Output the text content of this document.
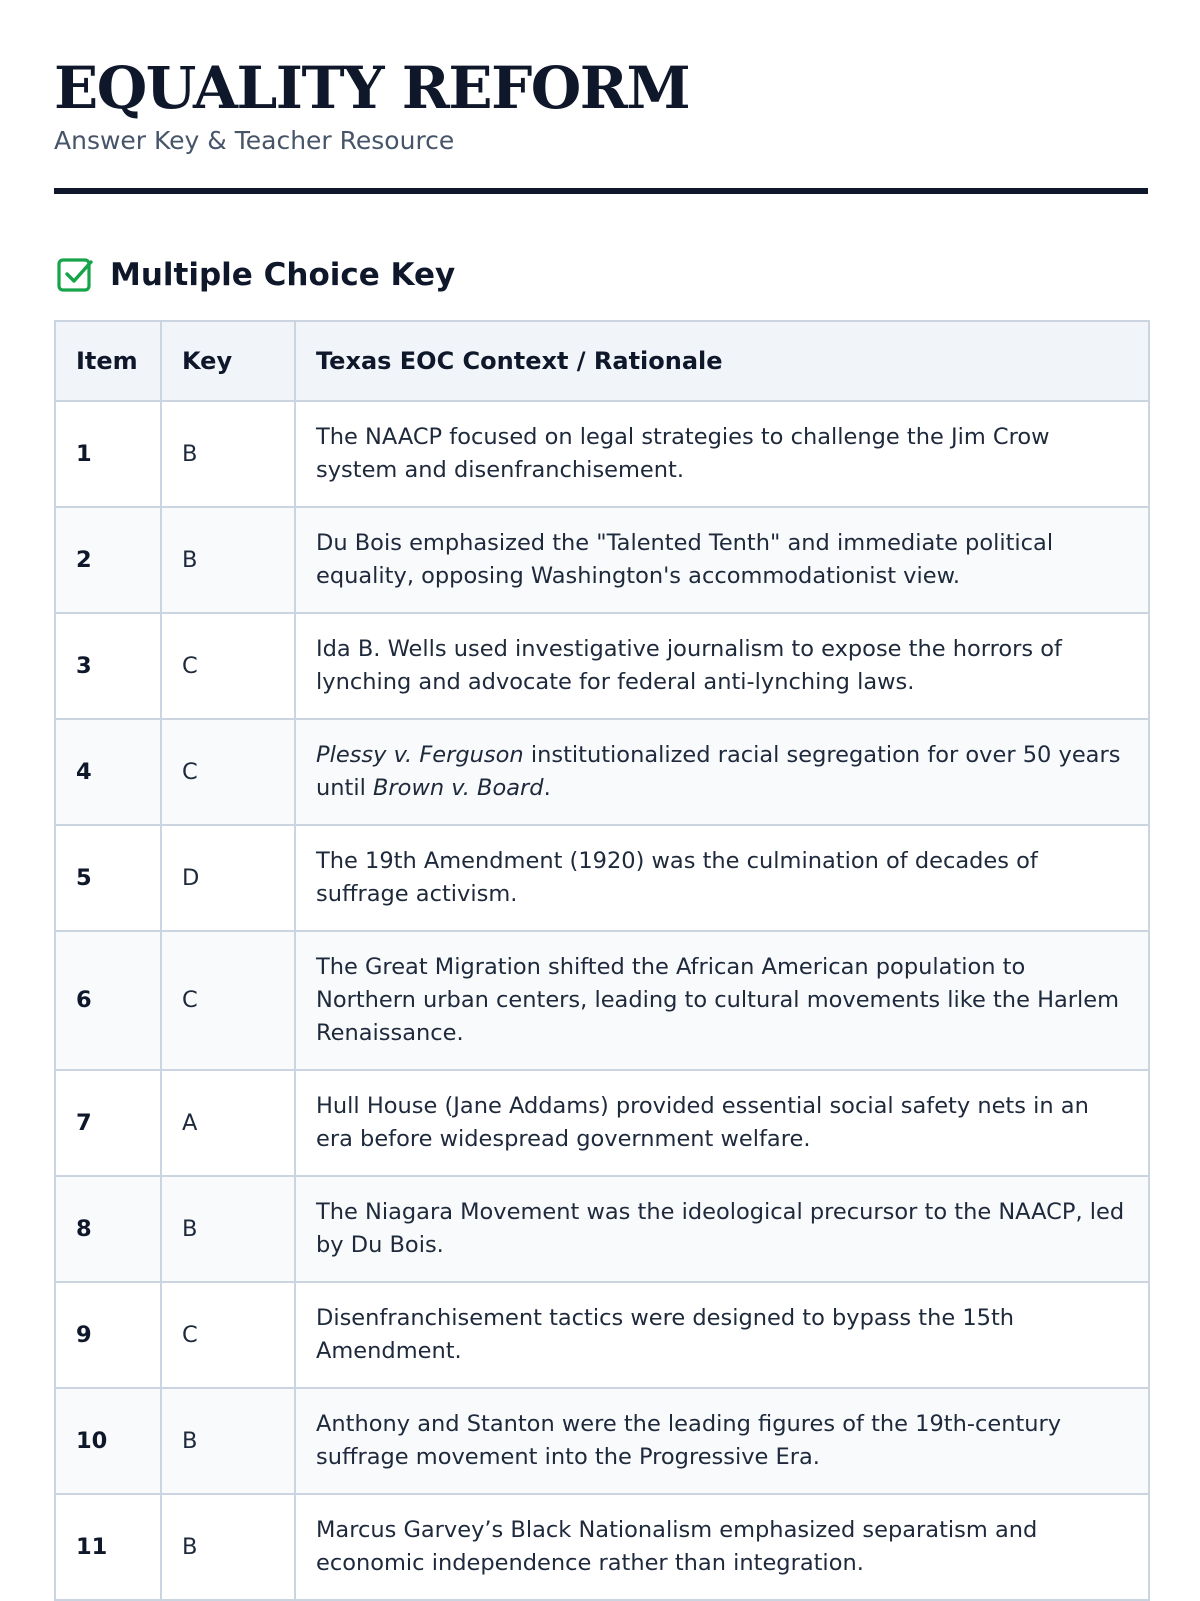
EQUALITY REFORM

Answer Key & Teacher Resource

Multiple Choice Key
Item	Key	Texas EOC Context / Rationale
1	B	The NAACP focused on legal strategies to challenge the Jim Crow system and disenfranchisement.
2	B	Du Bois emphasized the "Talented Tenth" and immediate political equality, opposing Washington's accommodationist view.
3	C	Ida B. Wells used investigative journalism to expose the horrors of lynching and advocate for federal anti-lynching laws.
4	C	Plessy v. Ferguson institutionalized racial segregation for over 50 years until Brown v. Board.
5	D	The 19th Amendment (1920) was the culmination of decades of suffrage activism.
6	C	The Great Migration shifted the African American population to Northern urban centers, leading to cultural movements like the Harlem Renaissance.
7	A	Hull House (Jane Addams) provided essential social safety nets in an era before widespread government welfare.
8	B	The Niagara Movement was the ideological precursor to the NAACP, led by Du Bois.
9	C	Disenfranchisement tactics were designed to bypass the 15th Amendment.
10	B	Anthony and Stanton were the leading figures of the 19th-century suffrage movement into the Progressive Era.
11	B	Marcus Garvey’s Black Nationalism emphasized separatism and economic independence rather than integration.
